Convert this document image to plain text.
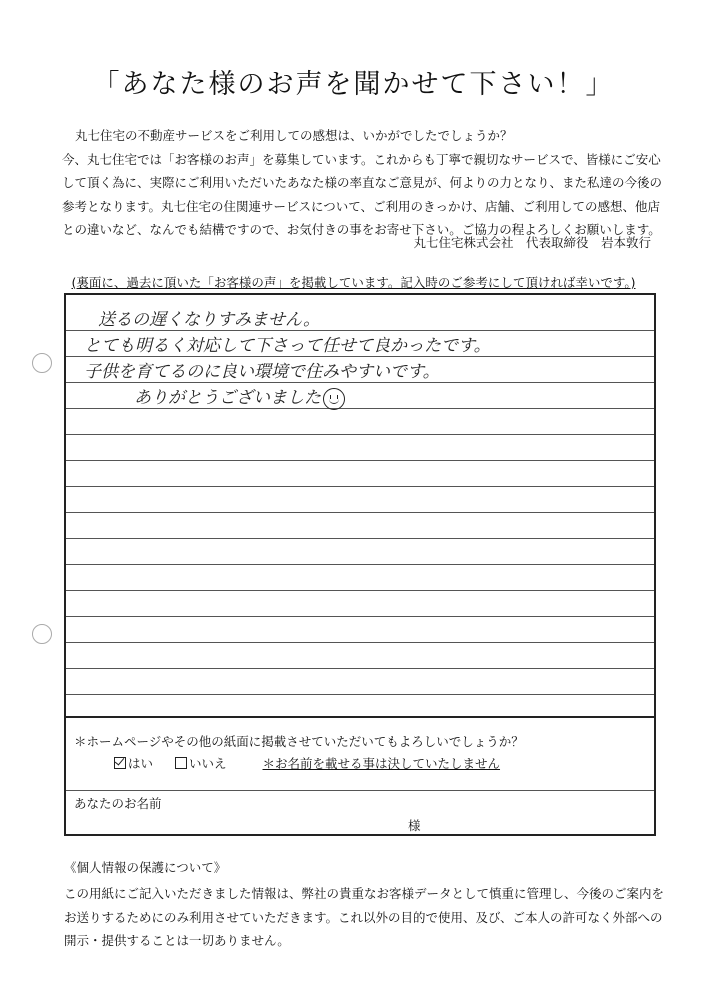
「あなた様のお声を聞かせて下さい！」

丸七住宅の不動産サービスをご利用しての感想は、いかがでしたでしょうか？

今、丸七住宅では「お客様のお声」を募集しています。これからも丁寧で親切なサービスで、皆様にご安心

して頂く為に、実際にご利用いただいたあなた様の率直なご意見が、何よりの力となり、また私達の今後の

参考となります。丸七住宅の住関連サービスについて、ご利用のきっかけ、店舗、ご利用しての感想、他店

との違いなど、なんでも結構ですので、お気付きの事をお寄せ下さい。ご協力の程よろしくお願いします。

丸七住宅株式会社　代表取締役　岩本敦行
(裏面に、過去に頂いた「お客様の声」を掲載しています。記入時のご参考にして頂ければ幸いです。)

送るの遅くなりすみません。

とても明るく対応して下さって任せて良かったです。

子供を育てるのに良い環境で住みやすいです。

ありがとうございました

＊ホームページやその他の紙面に掲載させていただいてもよろしいでしょうか？
はい	いいえ	＊お名前を載せる事は決していたしません
あなたのお名前
様
《個人情報の保護について》

この用紙にご記入いただきました情報は、弊社の貴重なお客様データとして慎重に管理し、今後のご案内を

お送りするためにのみ利用させていただきます。これ以外の目的で使用、及び、ご本人の許可なく外部への

開示・提供することは一切ありません。
